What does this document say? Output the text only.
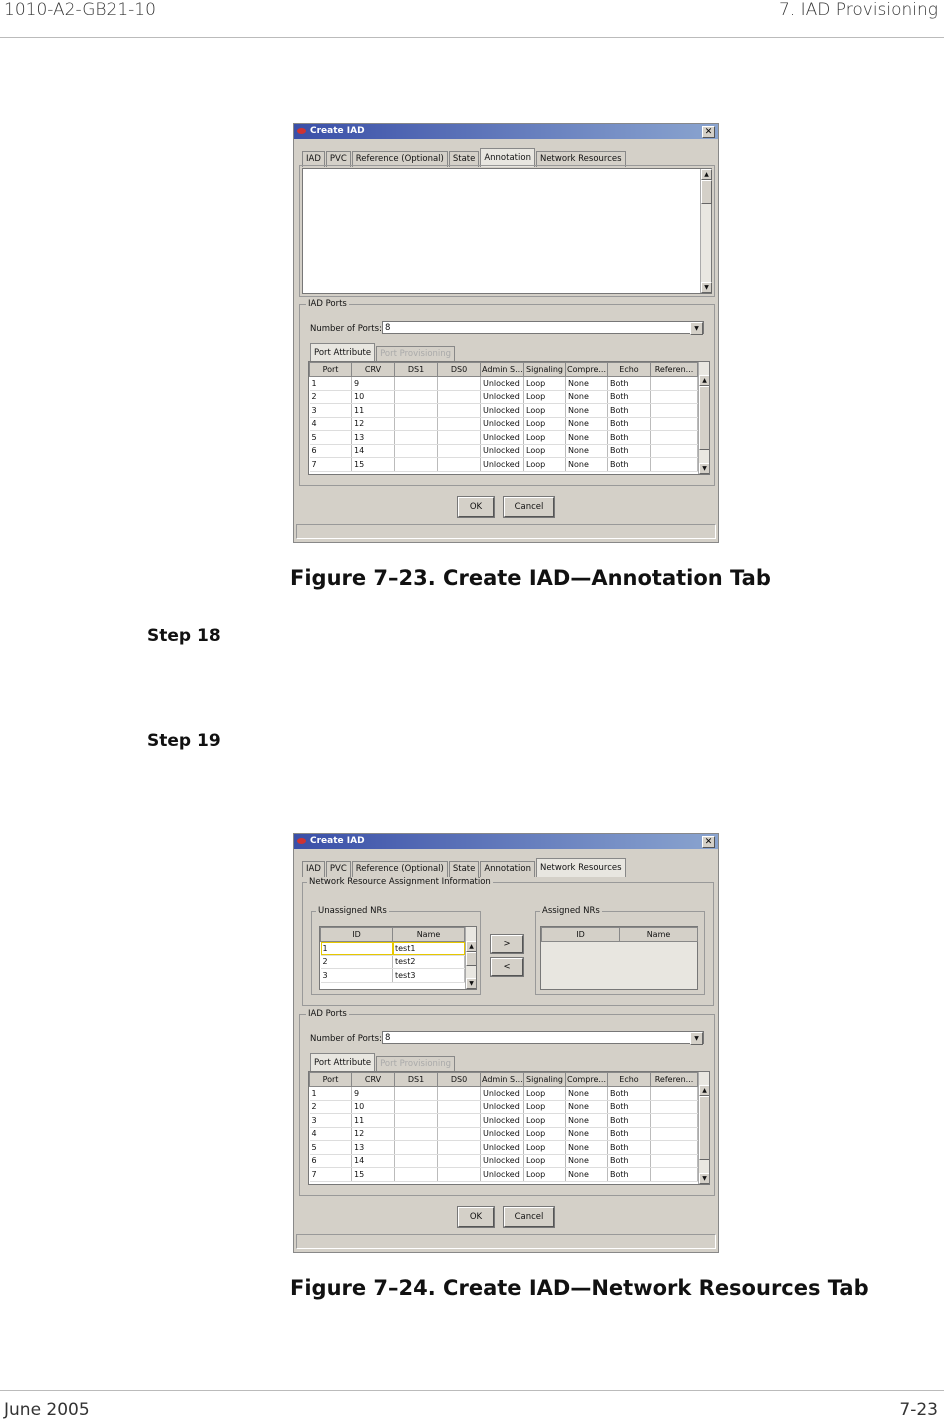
1010-A2-GB21-10	7. IAD Provisioning
Create IAD	✕
IAD	PVC	Reference (Optional)	State	Annotation	Network Resources
▲
▼
IAD Ports
Number of Ports: 8	▼
Port Attribute	Port Provisioning
Port	CRV	DS1	DS0	Admin S...	Signaling	Compre...	Echo	Referen...
1	9			Unlocked	Loop	None	Both	
2	10			Unlocked	Loop	None	Both	
3	11			Unlocked	Loop	None	Both	
4	12			Unlocked	Loop	None	Both	
5	13			Unlocked	Loop	None	Both	
6	14			Unlocked	Loop	None	Both	
7	15			Unlocked	Loop	None	Both	
▲
▼
OK	Cancel
Figure 7–23. Create IAD—Annotation Tab
Step 18
Step 19
Create IAD	✕
IAD	PVC	Reference (Optional)	State	Annotation	Network Resources
Network Resource Assignment Information
Unassigned NRs
ID	Name
1	test1
2	test2
3	test3
▲
▼
>
<
Assigned NRs
ID	Name
IAD Ports
Number of Ports: 8	▼
Port Attribute	Port Provisioning
Port	CRV	DS1	DS0	Admin S...	Signaling	Compre...	Echo	Referen...
1	9			Unlocked	Loop	None	Both	
2	10			Unlocked	Loop	None	Both	
3	11			Unlocked	Loop	None	Both	
4	12			Unlocked	Loop	None	Both	
5	13			Unlocked	Loop	None	Both	
6	14			Unlocked	Loop	None	Both	
7	15			Unlocked	Loop	None	Both	
▲
▼
OK	Cancel
Figure 7–24. Create IAD—Network Resources Tab
June 2005	7-23
